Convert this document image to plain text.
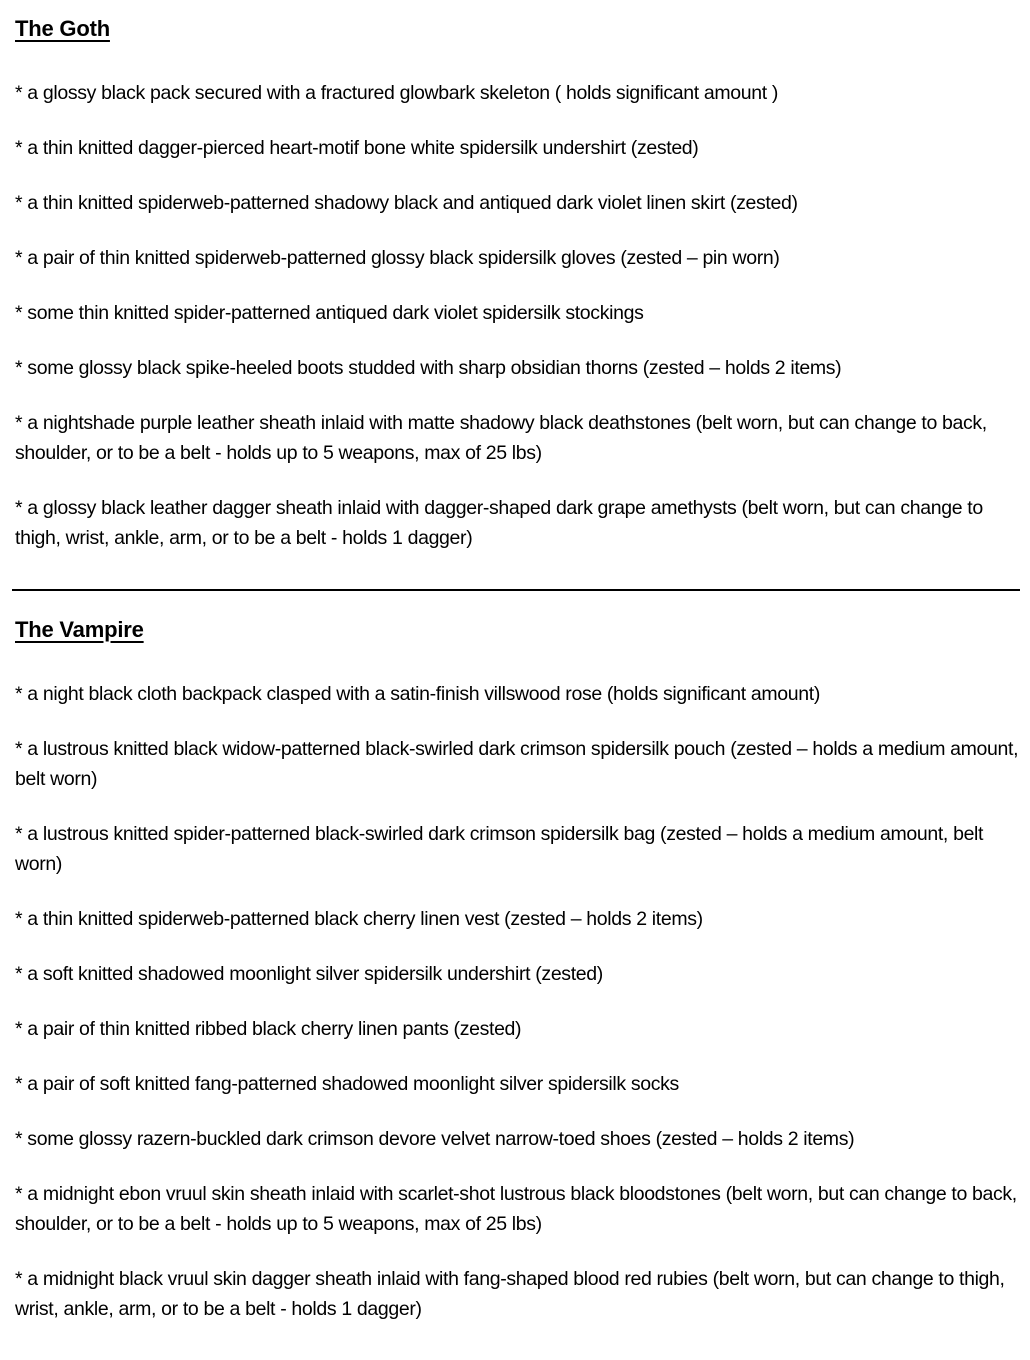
The Goth

* a glossy black pack secured with a fractured glowbark skeleton ( holds significant amount )

* a thin knitted dagger-pierced heart-motif bone white spidersilk undershirt (zested)

* a thin knitted spiderweb-patterned shadowy black and antiqued dark violet linen skirt (zested)

* a pair of thin knitted spiderweb-patterned glossy black spidersilk gloves (zested – pin worn)

* some thin knitted spider-patterned antiqued dark violet spidersilk stockings

* some glossy black spike-heeled boots studded with sharp obsidian thorns (zested – holds 2 items)

* a nightshade purple leather sheath inlaid with matte shadowy black deathstones (belt worn, but can change to back, shoulder, or to be a belt - holds up to 5 weapons, max of 25 lbs)

* a glossy black leather dagger sheath inlaid with dagger-shaped dark grape amethysts (belt worn, but can change to thigh, wrist, ankle, arm, or to be a belt - holds 1 dagger)

The Vampire

* a night black cloth backpack clasped with a satin-finish villswood rose (holds significant amount)

* a lustrous knitted black widow-patterned black-swirled dark crimson spidersilk pouch (zested – holds a medium amount, belt worn)

* a lustrous knitted spider-patterned black-swirled dark crimson spidersilk bag (zested – holds a medium amount, belt worn)

* a thin knitted spiderweb-patterned black cherry linen vest (zested – holds 2 items)

* a soft knitted shadowed moonlight silver spidersilk undershirt (zested)

* a pair of thin knitted ribbed black cherry linen pants (zested)

* a pair of soft knitted fang-patterned shadowed moonlight silver spidersilk socks

* some glossy razern-buckled dark crimson devore velvet narrow-toed shoes (zested – holds 2 items)

* a midnight ebon vruul skin sheath inlaid with scarlet-shot lustrous black bloodstones (belt worn, but can change to back, shoulder, or to be a belt - holds up to 5 weapons, max of 25 lbs)

* a midnight black vruul skin dagger sheath inlaid with fang-shaped blood red rubies (belt worn, but can change to thigh, wrist, ankle, arm, or to be a belt - holds 1 dagger)
